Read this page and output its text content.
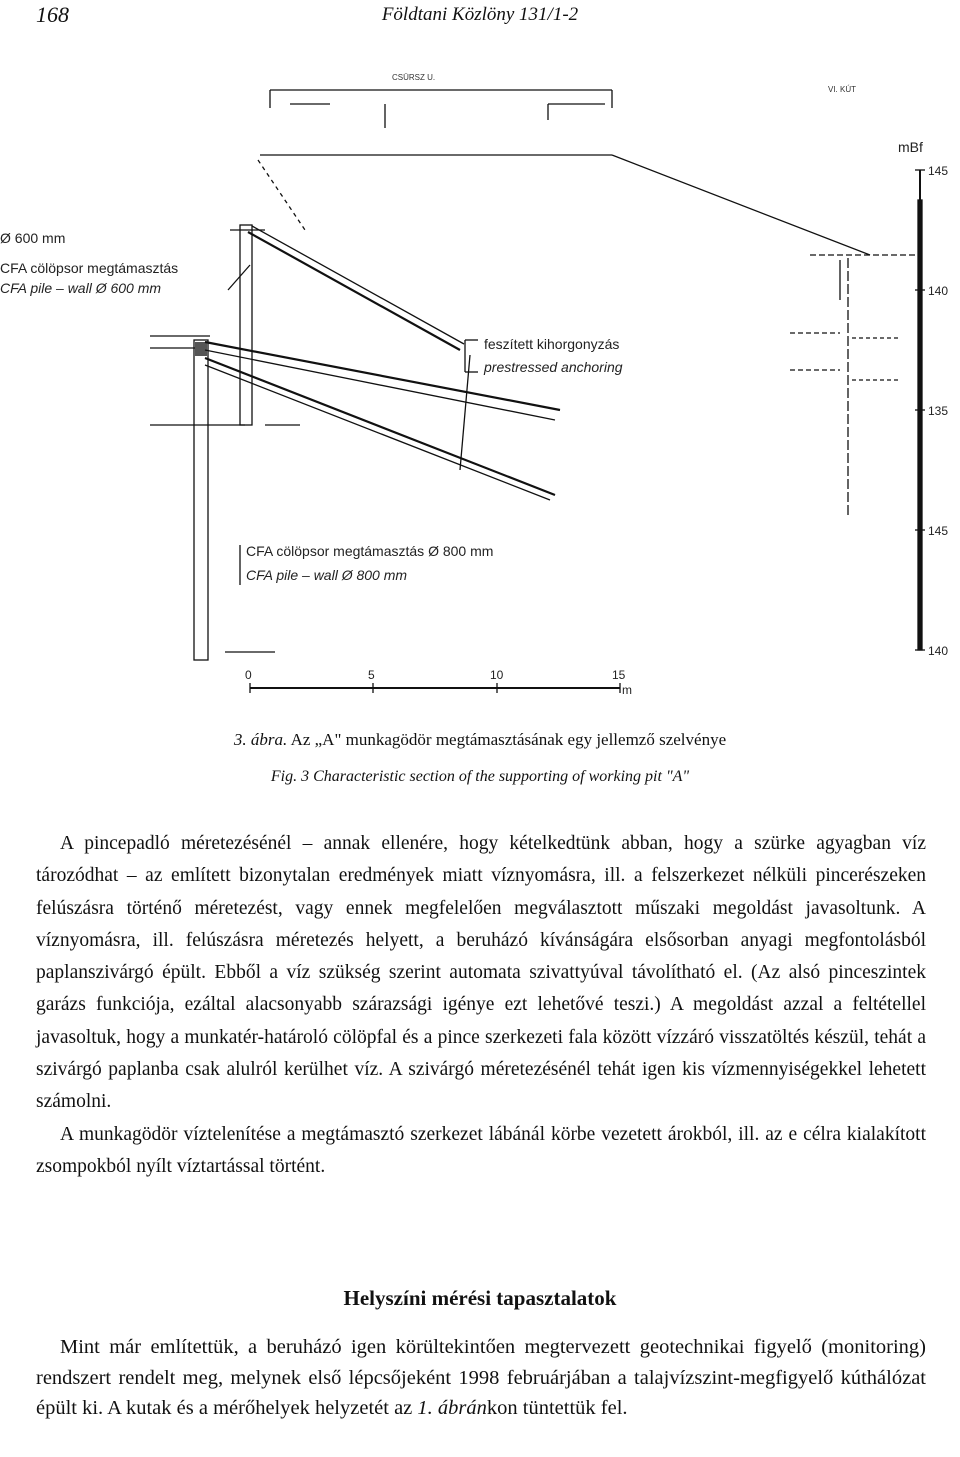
168	Földtani Közlöny 131/1-2
Ø 600 mm
CFA cölöpsor megtámasztás
CFA pile – wall Ø 600 mm
feszített kihorgonyzás
prestressed anchoring
CFA cölöpsor megtámasztás Ø 800 mm
CFA pile – wall Ø 800 mm
mBf
m
VI. KÚT
CSÜRSZ U.
0	5	10	15
145
140
135
145
140
3. ábra. Az „A" munkagödör megtámasztásának egy jellemző szelvénye
Fig. 3 Characteristic section of the supporting of working pit "A"

A pincepadló méretezésénél – annak ellenére, hogy kételkedtünk abban, hogy a szürke agyagban víz tározódhat – az említett bizonytalan eredmények miatt víznyomásra, ill. a felszerkezet nélküli pincerészeken felúszásra történő méretezést, vagy ennek megfelelően megválasztott műszaki megoldást javasoltunk. A víznyomásra, ill. felúszásra méretezés helyett, a beruházó kívánságára elsősorban anyagi megfontolásból paplanszivárgó épült. Ebből a víz szükség szerint automata szivattyúval távolítható el. (Az alsó pinceszintek garázs funkciója, ezáltal alacsonyabb szárazsági igénye ezt lehetővé teszi.) A megoldást azzal a feltétellel javasoltuk, hogy a munkatér-határoló cölöpfal és a pince szerkezeti fala között vízzáró visszatöltés készül, tehát a szivárgó paplanba csak alulról kerülhet víz. A szivárgó méretezésénél tehát igen kis vízmennyiségekkel lehetett számolni.

A munkagödör víztelenítése a megtámasztó szerkezet lábánál körbe vezetett árokból, ill. az e célra kialakított zsompokból nyílt víztartással történt.

Helyszíni mérési tapasztalatok

Mint már említettük, a beruházó igen körültekintően megtervezett geotechnikai figyelő (monitoring) rendszert rendelt meg, melynek első lépcsőjeként 1998 februárjában a talajvízszint-megfigyelő kúthálózat épült ki. A kutak és a mérőhelyek helyzetét az 1. ábránkon tüntettük fel.
